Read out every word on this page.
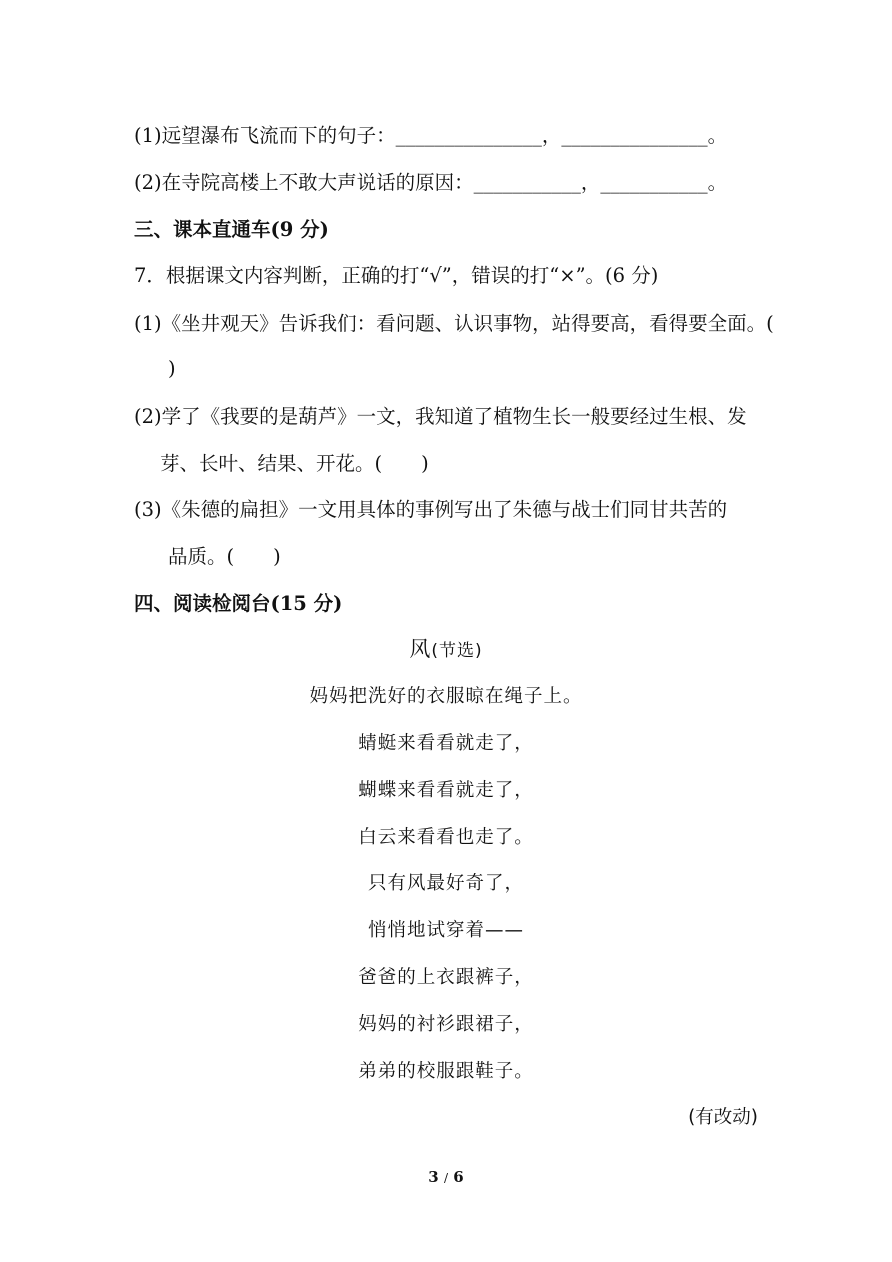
(1)远望瀑布飞流而下的句子：_______________，_______________。
(2)在寺院高楼上不敢大声说话的原因：___________，___________。
三、课本直通车(9 分)
7．根据课文内容判断，正确的打“√”，错误的打“×”。(6 分)
(1)《坐井观天》告诉我们：看问题、认识事物，站得要高，看得要全面。(
)
(2)学了《我要的是葫芦》一文，我知道了植物生长一般要经过生根、发
芽、长叶、结果、开花。(　　)
(3)《朱德的扁担》一文用具体的事例写出了朱德与战士们同甘共苦的
品质。(　　)
四、阅读检阅台(15 分)
风(节选)
妈妈把洗好的衣服晾在绳子上。
蜻蜓来看看就走了，
蝴蝶来看看就走了，
白云来看看也走了。
只有风最好奇了，
悄悄地试穿着——
爸爸的上衣跟裤子，
妈妈的衬衫跟裙子，
弟弟的校服跟鞋子。
(有改动)
3 / 6
